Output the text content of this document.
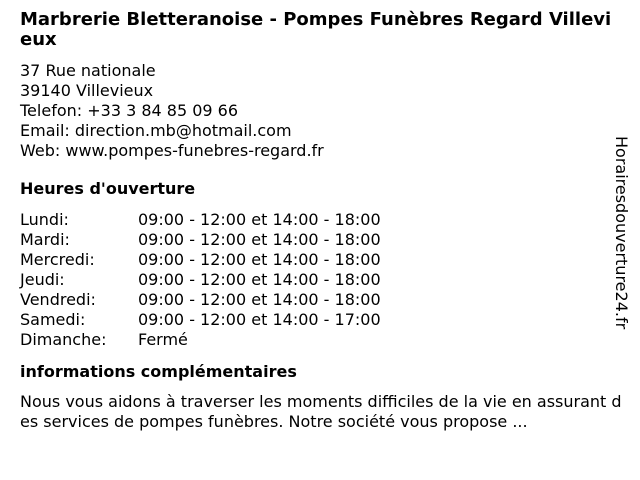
Marbrerie Bletteranoise - Pompes Funèbres Regard Villevieux
37 Rue nationale
39140 Villevieux
Telefon: +33 3 84 85 09 66
Email: direction.mb@hotmail.com
Web: www.pompes-funebres-regard.fr
Heures d'ouverture
Lundi:	09:00 - 12:00 et 14:00 - 18:00
Mardi:	09:00 - 12:00 et 14:00 - 18:00
Mercredi:	09:00 - 12:00 et 14:00 - 18:00
Jeudi:	09:00 - 12:00 et 14:00 - 18:00
Vendredi:	09:00 - 12:00 et 14:00 - 18:00
Samedi:	09:00 - 12:00 et 14:00 - 17:00
Dimanche:	Fermé
informations complémentaires
Nous vous aidons à traverser les moments difficiles de la vie en assurant des services de pompes funèbres. Notre société vous propose ...
Horairesdouverture24.fr
